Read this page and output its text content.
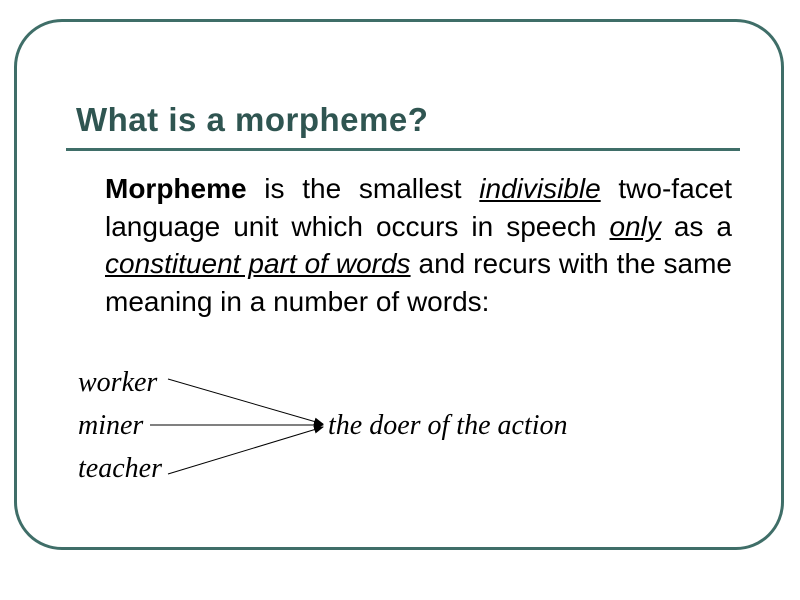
What is a morpheme?
Morpheme is the smallest indivisible two-facet language unit which occurs in speech only as a constituent part of words and recurs with the same meaning in a number of words:
worker
miner
teacher
the doer of the action
